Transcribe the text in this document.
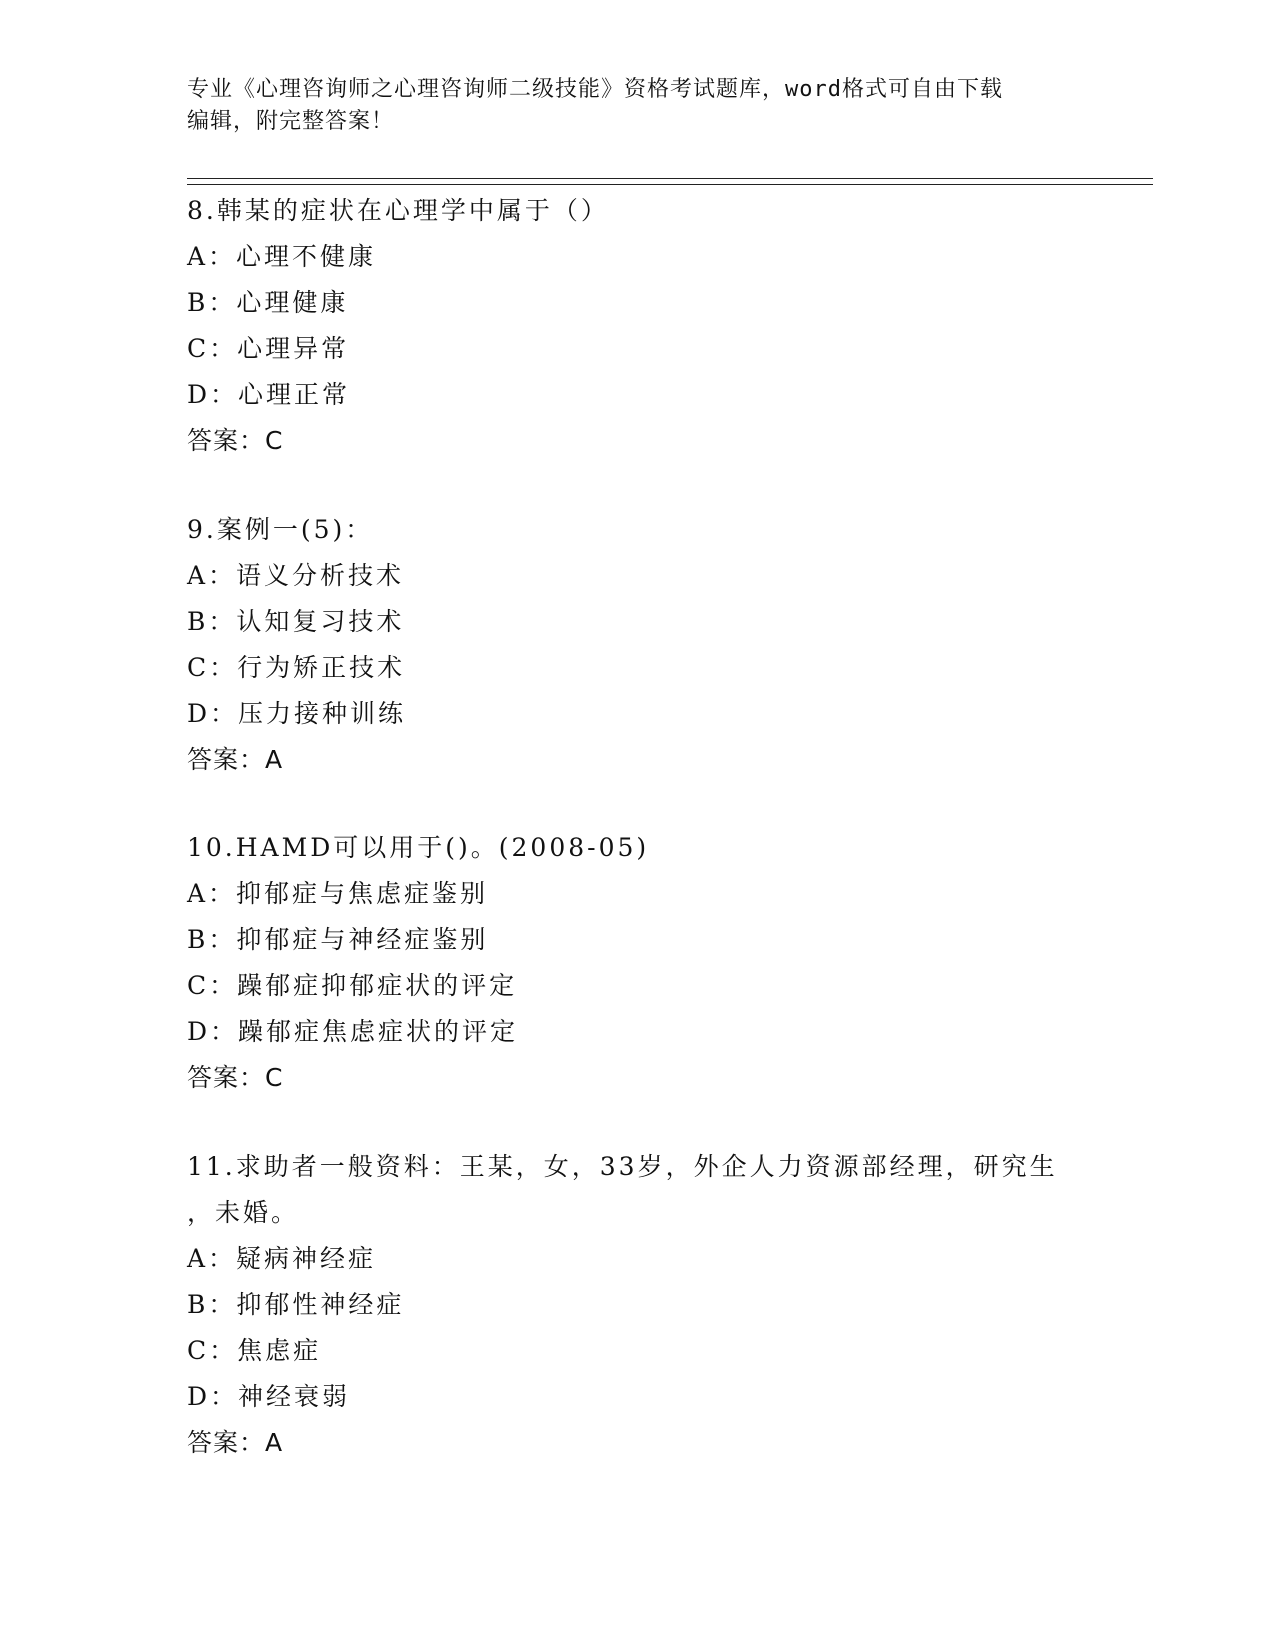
专业《心理咨询师之心理咨询师二级技能》资格考试题库，word格式可自由下载
编辑，附完整答案！
8.韩某的症状在心理学中属于（）
A：心理不健康
B：心理健康
C：心理异常
D：心理正常
答案：C
9.案例一(5)：
A：语义分析技术
B：认知复习技术
C：行为矫正技术
D：压力接种训练
答案：A
10.HAMD可以用于()。(2008-05)
A：抑郁症与焦虑症鉴别
B：抑郁症与神经症鉴别
C：躁郁症抑郁症状的评定
D：躁郁症焦虑症状的评定
答案：C
11.求助者一般资料：王某，女，33岁，外企人力资源部经理，研究生
，未婚。
A：疑病神经症
B：抑郁性神经症
C：焦虑症
D：神经衰弱
答案：A
